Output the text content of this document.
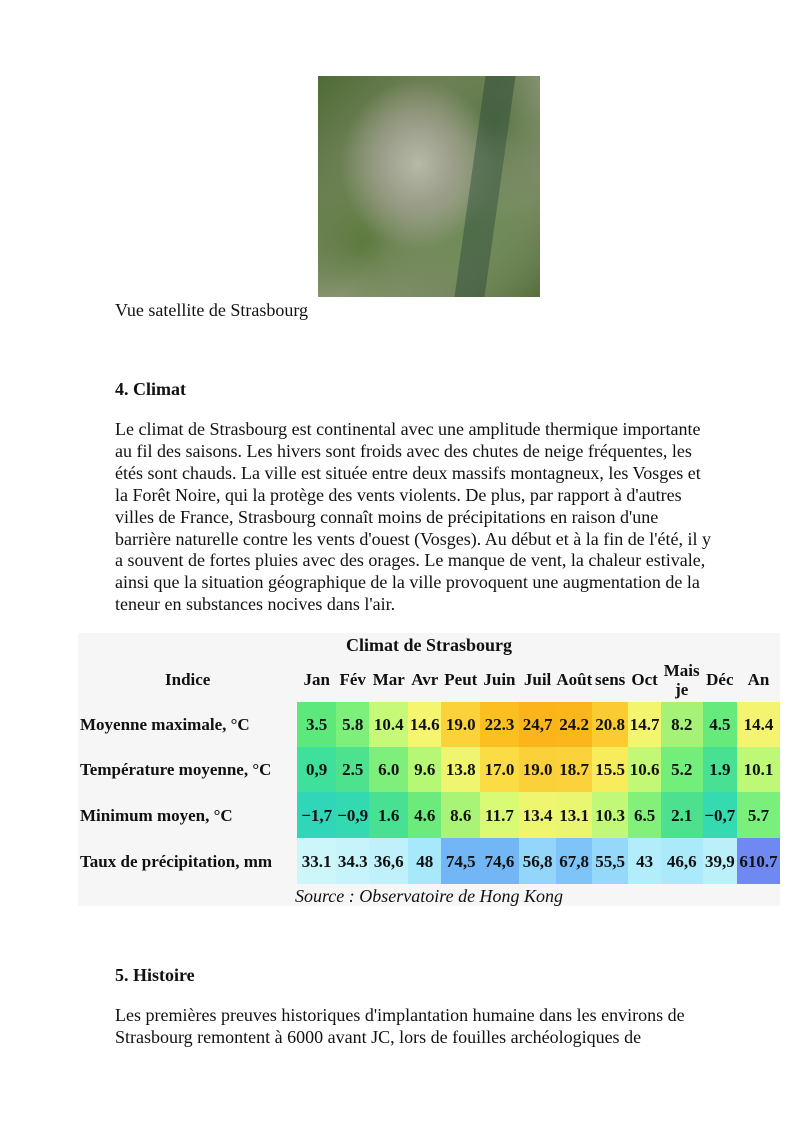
Vue satellite de Strasbourg
4. Climat
Le climat de Strasbourg est continental avec une amplitude thermique importante
au fil des saisons. Les hivers sont froids avec des chutes de neige fréquentes, les
étés sont chauds. La ville est située entre deux massifs montagneux, les Vosges et
la Forêt Noire, qui la protège des vents violents. De plus, par rapport à d'autres
villes de France, Strasbourg connaît moins de précipitations en raison d'une
barrière naturelle contre les vents d'ouest (Vosges). Au début et à la fin de l'été, il y
a souvent de fortes pluies avec des orages. Le manque de vent, la chaleur estivale,
ainsi que la situation géographique de la ville provoquent une augmentation de la
teneur en substances nocives dans l'air.
Climat de Strasbourg
Indice	Jan	Fév	Mar	Avr	Peut	Juin	Juil	Août	sens	Oct	Mais je	Déc	An
Moyenne maximale, °C	3.5	5.8	10.4	14.6	19.0	22.3	24,7	24.2	20.8	14.7	8.2	4.5	14.4
Température moyenne, °C	0,9	2.5	6.0	9.6	13.8	17.0	19.0	18.7	15.5	10.6	5.2	1.9	10.1
Minimum moyen, °C	−1,7	−0,9	1.6	4.6	8.6	11.7	13.4	13.1	10.3	6.5	2.1	−0,7	5.7
Taux de précipitation, mm	33.1	34.3	36,6	48	74,5	74,6	56,8	67,8	55,5	43	46,6	39,9	610.7
Source : Observatoire de Hong Kong
5. Histoire
Les premières preuves historiques d'implantation humaine dans les environs de
Strasbourg remontent à 6000 avant JC, lors de fouilles archéologiques de
